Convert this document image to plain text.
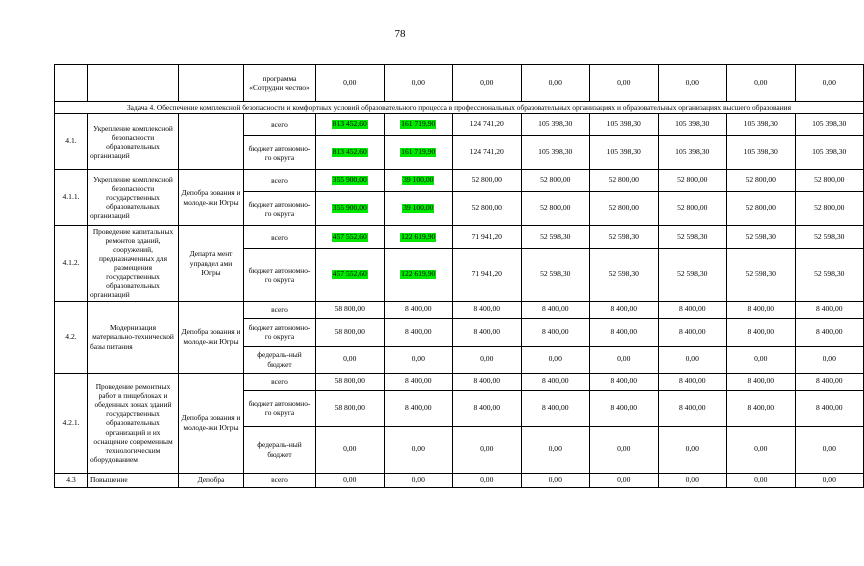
78
			программа «Сотрудни чество»	0,00	0,00	0,00	0,00	0,00	0,00	0,00	0,00
Задача 4. Обеспечение комплексной безопасности и комфортных условий образовательного процесса в профессиональных образовательных организациях и образовательных организациях высшего образования											
4.1.	Укрепление комплексной безопасности образовательных организаций		всего	813 452,60	161 719,90	124 741,20	105 398,30	105 398,30	105 398,30	105 398,30	105 398,30
			бюджет автономно-го округа	813 452,60	161 719,90	124 741,20	105 398,30	105 398,30	105 398,30	105 398,30	105 398,30
4.1.1.	Укрепление комплексной безопасности государственных образовательных организаций	Депобра зования и молоде-жи Югры	всего	355 900,00	39 100,00	52 800,00	52 800,00	52 800,00	52 800,00	52 800,00	52 800,00
			бюджет автономно-го округа	355 900,00	39 100,00	52 800,00	52 800,00	52 800,00	52 800,00	52 800,00	52 800,00
4.1.2.	Проведение капитальных ремонтов зданий, сооружений, предназначенных для размещения государственных образовательных организаций	Департа мент управдел ами Югры	всего	457 552,60	122 619,90	71 941,20	52 598,30	52 598,30	52 598,30	52 598,30	52 598,30
			бюджет автономно-го округа	457 552,60	122 619,90	71 941,20	52 598,30	52 598,30	52 598,30	52 598,30	52 598,30
4.2.	Модернизация материально-технической базы питания	Депобра зования и молоде-жи Югры	всего	58 800,00	8 400,00	8 400,00	8 400,00	8 400,00	8 400,00	8 400,00	8 400,00
			бюджет автономно-го округа	58 800,00	8 400,00	8 400,00	8 400,00	8 400,00	8 400,00	8 400,00	8 400,00
			федераль-ный бюджет	0,00	0,00	0,00	0,00	0,00	0,00	0,00	0,00
4.2.1.	Проведение ремонтных работ в пищеблоках и обеденных зонах зданий государственных образовательных организаций и их оснащение современным технологическим оборудованием	Депобра зования и молоде-жи Югры	всего	58 800,00	8 400,00	8 400,00	8 400,00	8 400,00	8 400,00	8 400,00	8 400,00
			бюджет автономно-го округа	58 800,00	8 400,00	8 400,00	8 400,00	8 400,00	8 400,00	8 400,00	8 400,00
			федераль-ный бюджет	0,00	0,00	0,00	0,00	0,00	0,00	0,00	0,00
4.3	Повышение	Депобра	всего	0,00	0,00	0,00	0,00	0,00	0,00	0,00	0,00
